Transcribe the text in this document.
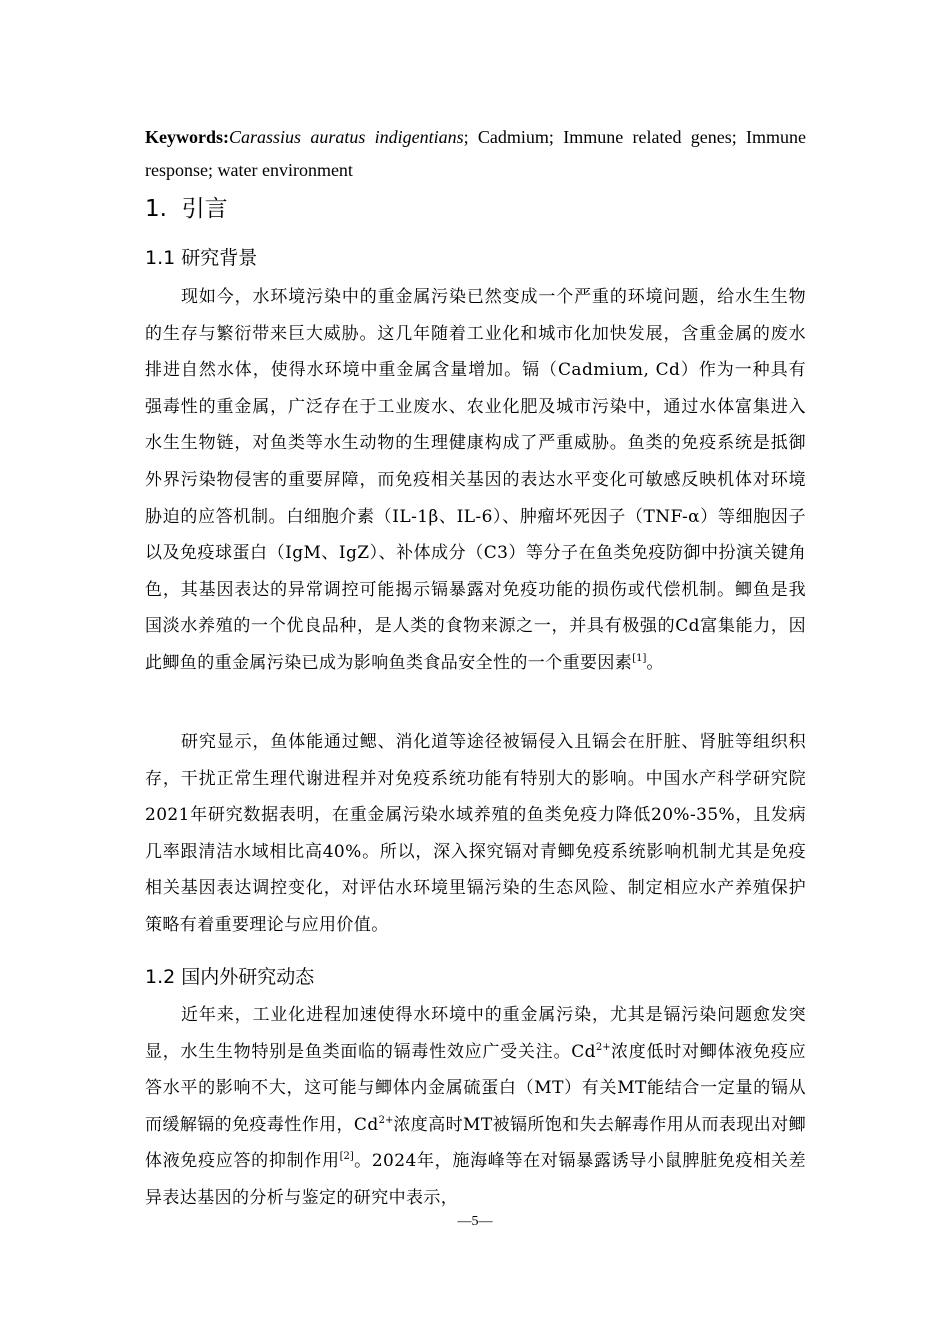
Keywords:Carassius auratus indigentians; Cadmium; Immune related genes; Immune response; water environment
1.  引言
1.1 研究背景
现如今，水环境污染中的重金属污染已然变成一个严重的环境问题，给水生生物的生存与繁衍带来巨大威胁。这几年随着工业化和城市化加快发展，含重金属的废水排进自然水体，使得水环境中重金属含量增加。镉（Cadmium, Cd）作为一种具有强毒性的重金属，广泛存在于工业废水、农业化肥及城市污染中，通过水体富集进入水生生物链，对鱼类等水生动物的生理健康构成了严重威胁。鱼类的免疫系统是抵御外界污染物侵害的重要屏障，而免疫相关基因的表达水平变化可敏感反映机体对环境胁迫的应答机制。白细胞介素（IL-1β、IL-6）、肿瘤坏死因子（TNF-α）等细胞因子以及免疫球蛋白（IgM、IgZ）、补体成分（C3）等分子在鱼类免疫防御中扮演关键角色，其基因表达的异常调控可能揭示镉暴露对免疫功能的损伤或代偿机制。鲫鱼是我国淡水养殖的一个优良品种，是人类的食物来源之一，并具有极强的Cd富集能力，因此鲫鱼的重金属污染已成为影响鱼类食品安全性的一个重要因素[1]。
研究显示，鱼体能通过鳃、消化道等途径被镉侵入且镉会在肝脏、肾脏等组织积存，干扰正常生理代谢进程并对免疫系统功能有特别大的影响。中国水产科学研究院2021年研究数据表明，在重金属污染水域养殖的鱼类免疫力降低20%-35%，且发病几率跟清洁水域相比高40%。所以，深入探究镉对青鲫免疫系统影响机制尤其是免疫相关基因表达调控变化，对评估水环境里镉污染的生态风险、制定相应水产养殖保护策略有着重要理论与应用价值。
1.2 国内外研究动态
近年来，工业化进程加速使得水环境中的重金属污染，尤其是镉污染问题愈发突显，水生生物特别是鱼类面临的镉毒性效应广受关注。$Cd^{2+}$浓度低时对鲫体液免疫应答水平的影响不大，这可能与鲫体内金属硫蛋白（MT）有关MT能结合一定量的镉从而缓解镉的免疫毒性作用，$Cd^{2+}$浓度高时MT被镉所饱和失去解毒作用从而表现出对鲫体液免疫应答的抑制作用[2]。2024年，施海峰等在对镉暴露诱导小鼠脾脏免疫相关差异表达基因的分析与鉴定的研究中表示，
—5—
